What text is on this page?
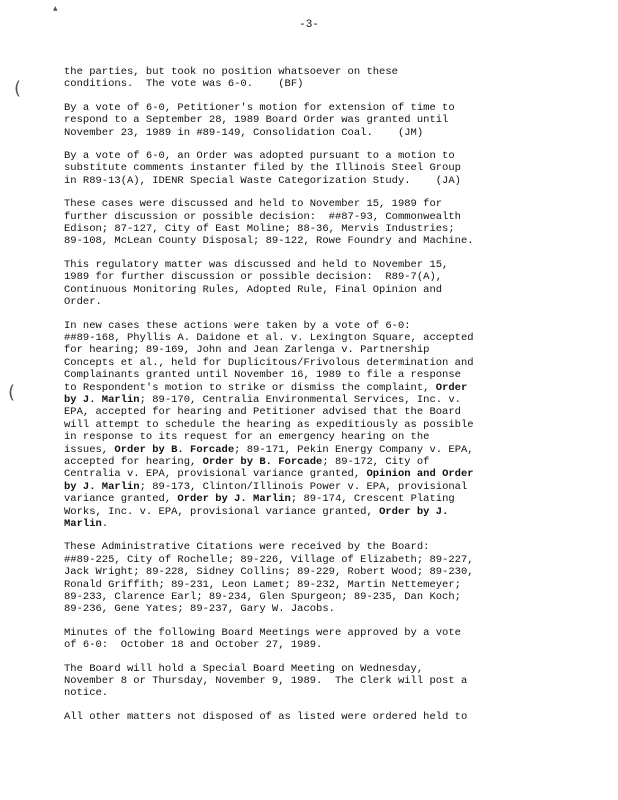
-3-
(
(
▲
the parties, but took no position whatsoever on these
conditions.  The vote was 6-0.    (BF)
By a vote of 6-0, Petitioner's motion for extension of time to
respond to a September 28, 1989 Board Order was granted until
November 23, 1989 in #89-149, Consolidation Coal.    (JM)
By a vote of 6-0, an Order was adopted pursuant to a motion to
substitute comments instanter filed by the Illinois Steel Group
in R89-13(A), IDENR Special Waste Categorization Study.    (JA)
These cases were discussed and held to November 15, 1989 for
further discussion or possible decision:  ##87-93, Commonwealth
Edison; 87-127, City of East Moline; 88-36, Mervis Industries;
89-108, McLean County Disposal; 89-122, Rowe Foundry and Machine.
This regulatory matter was discussed and held to November 15,
1989 for further discussion or possible decision:  R89-7(A),
Continuous Monitoring Rules, Adopted Rule, Final Opinion and
Order.
In new cases these actions were taken by a vote of 6-0:
##89-168, Phyllis A. Daidone et al. v. Lexington Square, accepted
for hearing; 89-169, John and Jean Zarlenga v. Partnership
Concepts et al., held for Duplicitous/Frivolous determination and
Complainants granted until November 16, 1989 to file a response
to Respondent's motion to strike or dismiss the complaint, Order
by J. Marlin; 89-170, Centralia Environmental Services, Inc. v.
EPA, accepted for hearing and Petitioner advised that the Board
will attempt to schedule the hearing as expeditiously as possible
in response to its request for an emergency hearing on the
issues, Order by B. Forcade; 89-171, Pekin Energy Company v. EPA,
accepted for hearing, Order by B. Forcade; 89-172, City of
Centralia v. EPA, provisional variance granted, Opinion and Order
by J. Marlin; 89-173, Clinton/Illinois Power v. EPA, provisional
variance granted, Order by J. Marlin; 89-174, Crescent Plating
Works, Inc. v. EPA, provisional variance granted, Order by J.
Marlin.
These Administrative Citations were received by the Board:
##89-225, City of Rochelle; 89-226, Village of Elizabeth; 89-227,
Jack Wright; 89-228, Sidney Collins; 89-229, Robert Wood; 89-230,
Ronald Griffith; 89-231, Leon Lamet; 89-232, Martin Nettemeyer;
89-233, Clarence Earl; 89-234, Glen Spurgeon; 89-235, Dan Koch;
89-236, Gene Yates; 89-237, Gary W. Jacobs.
Minutes of the following Board Meetings were approved by a vote
of 6-0:  October 18 and October 27, 1989.
The Board will hold a Special Board Meeting on Wednesday,
November 8 or Thursday, November 9, 1989.  The Clerk will post a
notice.
All other matters not disposed of as listed were ordered held to
